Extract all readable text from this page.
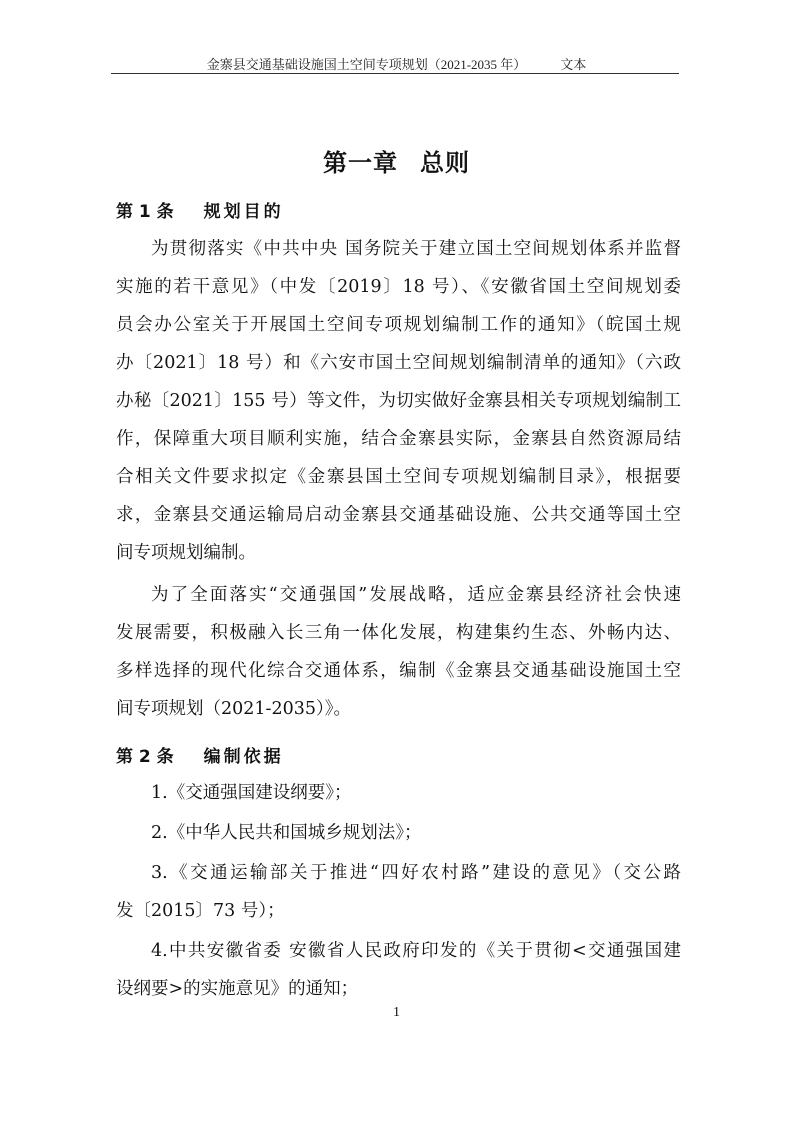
金寨县交通基础设施国土空间专项规划（2021-2035 年）	文本
第一章 总则
第 1 条 规划目的
为贯彻落实《中共中央 国务院关于建立国土空间规划体系并监督
实施的若干意见》（中发〔2019〕18 号）、《安徽省国土空间规划委
员会办公室关于开展国土空间专项规划编制工作的通知》（皖国土规
办〔2021〕18 号）和《六安市国土空间规划编制清单的通知》（六政
办秘〔2021〕155 号）等文件，为切实做好金寨县相关专项规划编制工
作，保障重大项目顺利实施，结合金寨县实际，金寨县自然资源局结
合相关文件要求拟定《金寨县国土空间专项规划编制目录》，根据要
求，金寨县交通运输局启动金寨县交通基础设施、公共交通等国土空
间专项规划编制。
为了全面落实“交通强国”发展战略，适应金寨县经济社会快速
发展需要，积极融入长三角一体化发展，构建集约生态、外畅内达、
多样选择的现代化综合交通体系，编制《金寨县交通基础设施国土空
间专项规划（2021-2035）》。
第 2 条 编制依据
1.《交通强国建设纲要》；
2.《中华人民共和国城乡规划法》；
3.《交通运输部关于推进“四好农村路”建设的意见》（交公路
发〔2015〕73 号）；
4.中共安徽省委 安徽省人民政府印发的《关于贯彻<交通强国建
设纲要>的实施意见》的通知；
1
